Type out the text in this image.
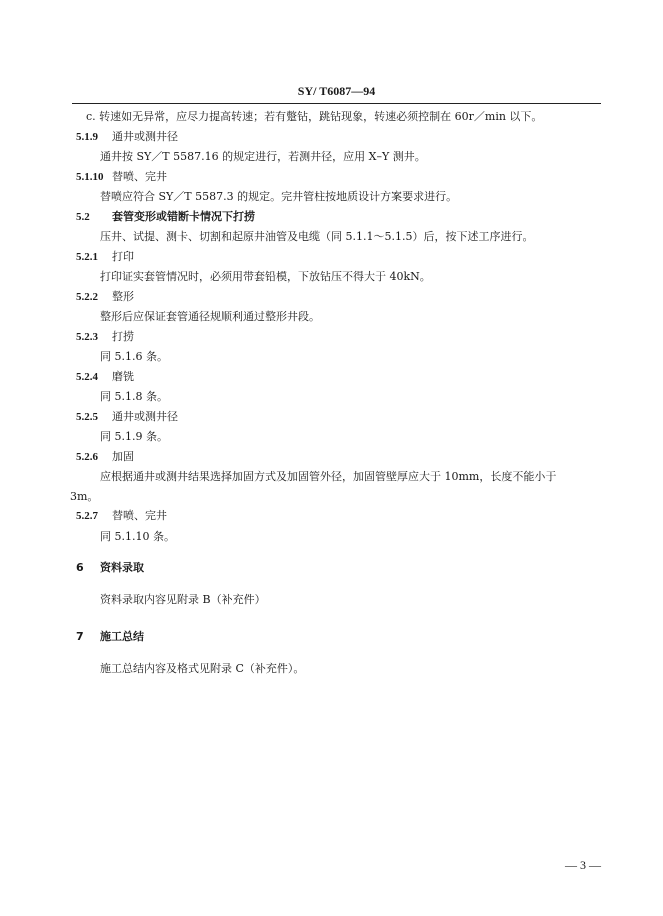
SY/ T6087—94
c. 转速如无异常，应尽力提高转速；若有蹩钻，跳钻现象，转速必须控制在 60r／min 以下。
5.1.9 通井或测井径
通井按 SY／T 5587.16 的规定进行，若测井径，应用 X–Y 测井。
5.1.10 替喷、完井
替喷应符合 SY／T 5587.3 的规定。完井管柱按地质设计方案要求进行。
5.2 套管变形或错断卡情况下打捞
压井、试提、测卡、切割和起原井油管及电缆（同 5.1.1～5.1.5）后，按下述工序进行。
5.2.1 打印
打印证实套管情况时，必须用带套铅模，下放钻压不得大于 40kN。
5.2.2 整形
整形后应保证套管通径规顺利通过整形井段。
5.2.3 打捞
同 5.1.6 条。
5.2.4 磨铣
同 5.1.8 条。
5.2.5 通井或测井径
同 5.1.9 条。
5.2.6 加固
应根据通井或测井结果选择加固方式及加固管外径，加固管壁厚应大于 10mm，长度不能小于
3m。
5.2.7 替喷、完井
同 5.1.10 条。
6 资料录取
资料录取内容见附录 B（补充件）
7 施工总结
施工总结内容及格式见附录 C（补充件）。
— 3 —
